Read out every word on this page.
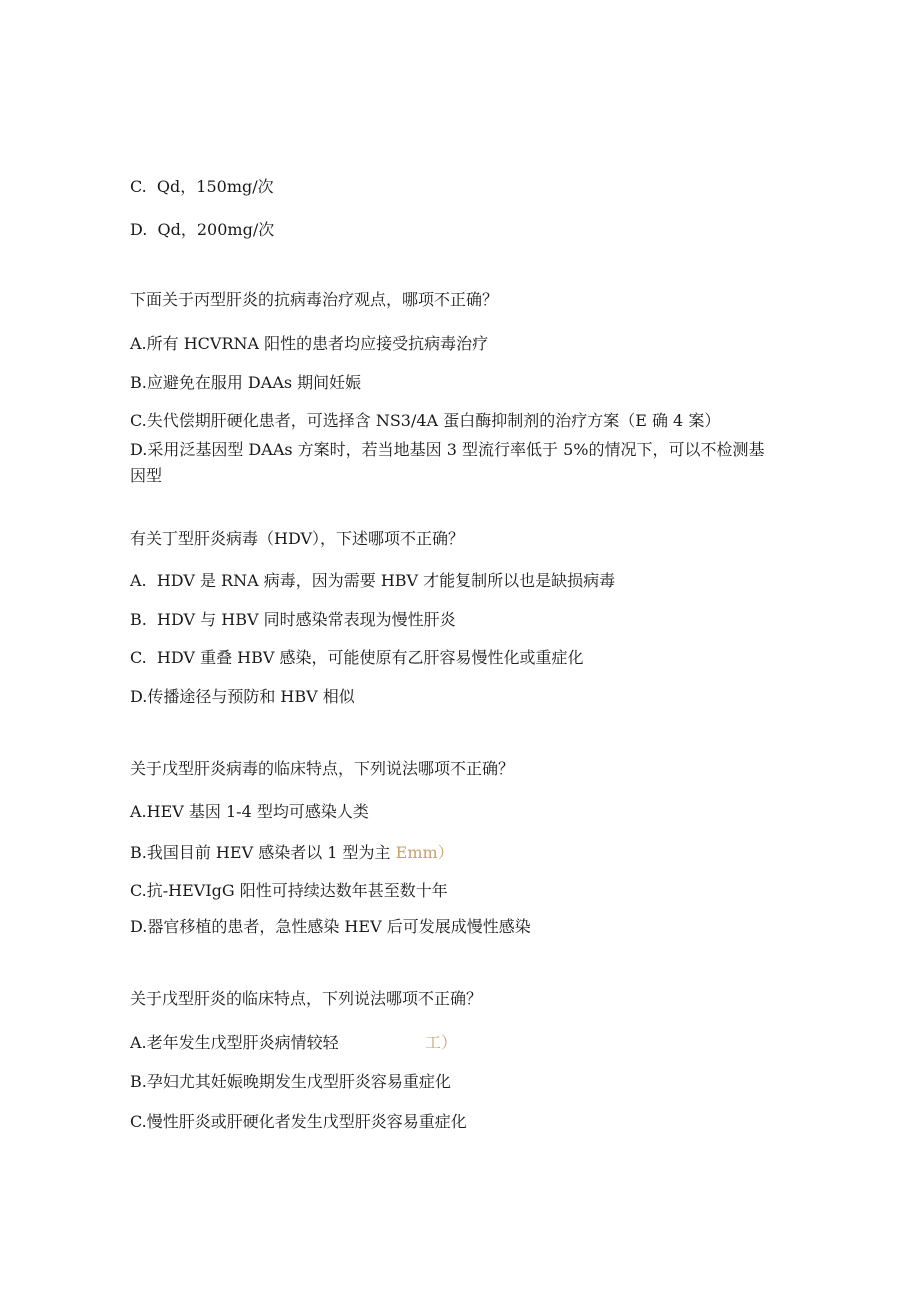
C.  Qd，150mg/次

D.  Qd，200mg/次

下面关于丙型肝炎的抗病毒治疗观点，哪项不正确？

A.所有 HCVRNA 阳性的患者均应接受抗病毒治疗

B.应避免在服用 DAAs 期间妊娠

C.失代偿期肝硬化患者，可选择含 NS3/4A 蛋白酶抑制剂的治疗方案（E 确 4 案）

D.采用泛基因型 DAAs 方案时，若当地基因 3 型流行率低于 5%的情况下，可以不检测基因型

有关丁型肝炎病毒（HDV），下述哪项不正确？

A.  HDV 是 RNA 病毒，因为需要 HBV 才能复制所以也是缺损病毒

B.  HDV 与 HBV 同时感染常表现为慢性肝炎

C.  HDV 重叠 HBV 感染，可能使原有乙肝容易慢性化或重症化

D.传播途径与预防和 HBV 相似

关于戊型肝炎病毒的临床特点，下列说法哪项不正确？

A.HEV 基因 1-4 型均可感染人类

B.我国目前 HEV 感染者以 1 型为主 Emm）

C.抗-HEVIgG 阳性可持续达数年甚至数十年

D.器官移植的患者，急性感染 HEV 后可发展成慢性感染

关于戊型肝炎的临床特点，下列说法哪项不正确？

A.老年发生戊型肝炎病情较轻	工）

B.孕妇尤其妊娠晚期发生戊型肝炎容易重症化

C.慢性肝炎或肝硬化者发生戊型肝炎容易重症化
